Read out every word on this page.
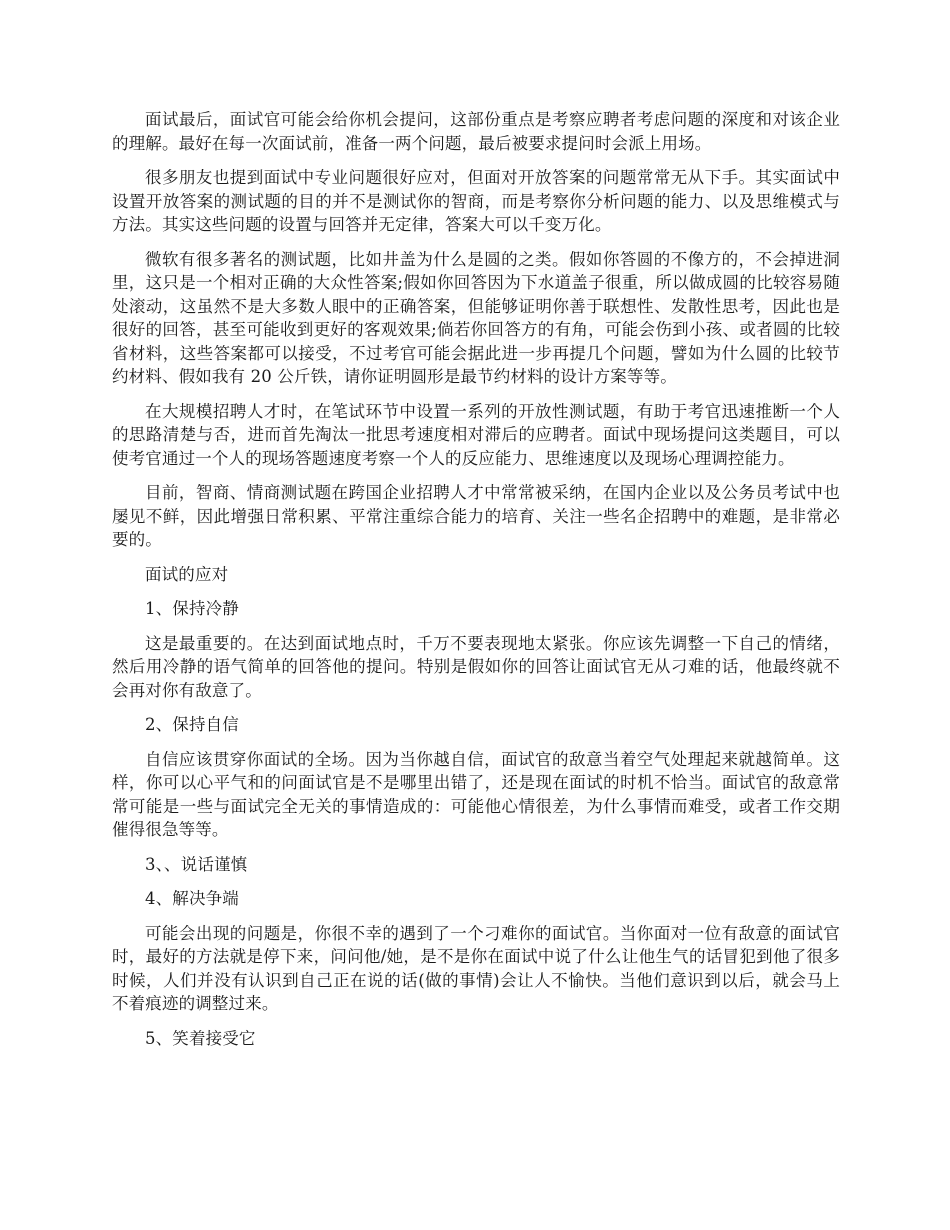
面试最后，面试官可能会给你机会提问，这部份重点是考察应聘者考虑问题的深度和对该企业的理解。最好在每一次面试前，准备一两个问题，最后被要求提问时会派上用场。

很多朋友也提到面试中专业问题很好应对，但面对开放答案的问题常常无从下手。其实面试中设置开放答案的测试题的目的并不是测试你的智商，而是考察你分析问题的能力、以及思维模式与方法。其实这些问题的设置与回答并无定律，答案大可以千变万化。

微软有很多著名的测试题，比如井盖为什么是圆的之类。假如你答圆的不像方的，不会掉进洞里，这只是一个相对正确的大众性答案;假如你回答因为下水道盖子很重，所以做成圆的比较容易随处滚动，这虽然不是大多数人眼中的正确答案，但能够证明你善于联想性、发散性思考，因此也是很好的回答，甚至可能收到更好的客观效果;倘若你回答方的有角，可能会伤到小孩、或者圆的比较省材料，这些答案都可以接受，不过考官可能会据此进一步再提几个问题，譬如为什么圆的比较节约材料、假如我有 20 公斤铁，请你证明圆形是最节约材料的设计方案等等。

在大规模招聘人才时，在笔试环节中设置一系列的开放性测试题，有助于考官迅速推断一个人的思路清楚与否，进而首先淘汰一批思考速度相对滞后的应聘者。面试中现场提问这类题目，可以使考官通过一个人的现场答题速度考察一个人的反应能力、思维速度以及现场心理调控能力。

目前，智商、情商测试题在跨国企业招聘人才中常常被采纳，在国内企业以及公务员考试中也屡见不鲜，因此增强日常积累、平常注重综合能力的培育、关注一些名企招聘中的难题，是非常必要的。

面试的应对

1、保持冷静

这是最重要的。在达到面试地点时，千万不要表现地太紧张。你应该先调整一下自己的情绪，然后用冷静的语气简单的回答他的提问。特别是假如你的回答让面试官无从刁难的话，他最终就不会再对你有敌意了。

2、保持自信

自信应该贯穿你面试的全场。因为当你越自信，面试官的敌意当着空气处理起来就越简单。这样，你可以心平气和的问面试官是不是哪里出错了，还是现在面试的时机不恰当。面试官的敌意常常可能是一些与面试完全无关的事情造成的：可能他心情很差，为什么事情而难受，或者工作交期催得很急等等。

3、、说话谨慎

4、解决争端

可能会出现的问题是，你很不幸的遇到了一个刁难你的面试官。当你面对一位有敌意的面试官时，最好的方法就是停下来，问问他/她，是不是你在面试中说了什么让他生气的话冒犯到他了很多时候，人们并没有认识到自己正在说的话(做的事情)会让人不愉快。当他们意识到以后，就会马上不着痕迹的调整过来。

5、笑着接受它
